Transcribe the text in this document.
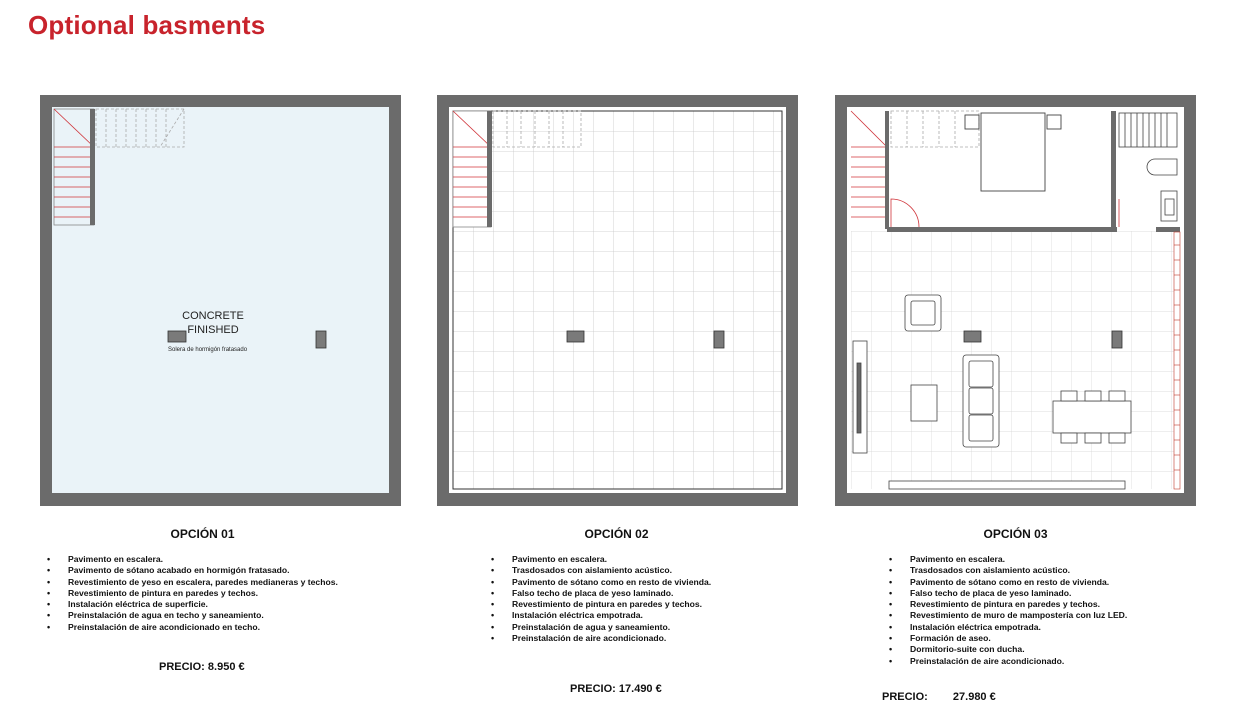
Optional basments
CONCRETE
FINISHED
Solera de hormigón fratasado
OPCIÓN 01	OPCIÓN 02	OPCIÓN 03
• Pavimento en escalera.
• Pavimento de sótano acabado en hormigón fratasado.
• Revestimiento de yeso en escalera, paredes medianeras y techos.
• Revestimiento de pintura en paredes y techos.
• Instalación eléctrica de superficie.
• Preinstalación de agua en techo y saneamiento.
• Preinstalación de aire acondicionado en techo.
• Pavimento en escalera.
• Trasdosados con aislamiento acústico.
• Pavimento de sótano como en resto de vivienda.
• Falso techo de placa de yeso laminado.
• Revestimiento de pintura en paredes y techos.
• Instalación eléctrica empotrada.
• Preinstalación de agua y saneamiento.
• Preinstalación de aire acondicionado.
• Pavimento en escalera.
• Trasdosados con aislamiento acústico.
• Pavimento de sótano como en resto de vivienda.
• Falso techo de placa de yeso laminado.
• Revestimiento de pintura en paredes y techos.
• Revestimiento de muro de mampostería con luz LED.
• Instalación eléctrica empotrada.
• Formación de aseo.
• Dormitorio-suite con ducha.
• Preinstalación de aire acondicionado.
PRECIO: 8.950 €
PRECIO: 17.490 €
PRECIO: 27.980 €
